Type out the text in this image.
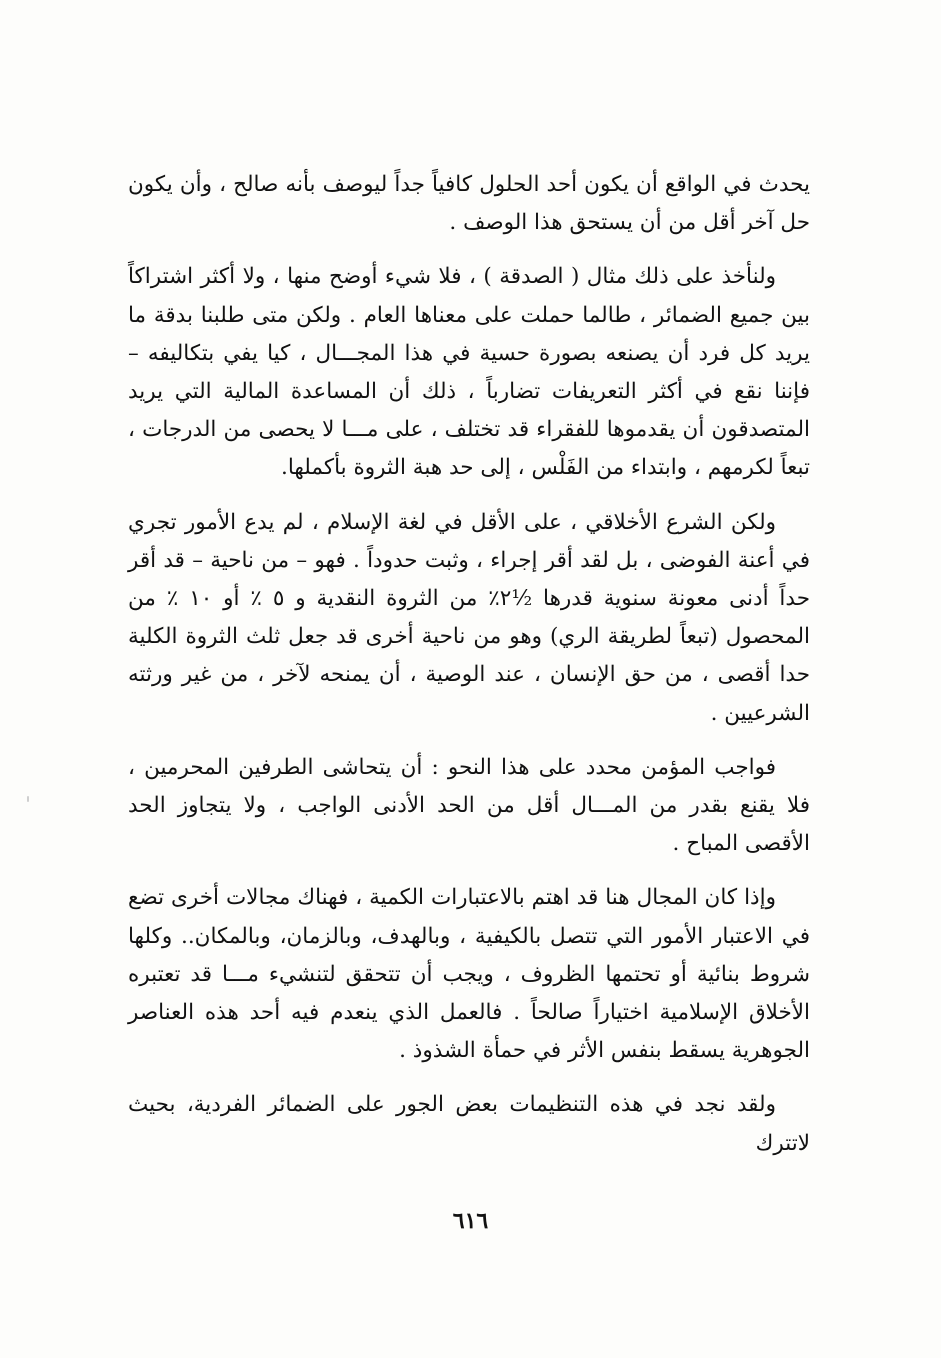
يحدث في الواقع أن يكون أحد الحلول كافياً جداً ليوصف بأنه صالح ، وأن يكون حل آخر أقل من أن يستحق هذا الوصف .

ولنأخذ على ذلك مثال ( الصدقة ) ، فلا شيء أوضح منها ، ولا أكثر اشتراكاً بين جميع الضمائر ، طالما حملت على معناها العام . ولكن متى طلبنا بدقة ما يريد كل فرد أن يصنعه بصورة حسية في هذا المجـــال ، كيا يفي بتكاليفه – فإننا نقع في أكثر التعريفات تضارباً ، ذلك أن المساعدة المالية التي يريد المتصدقون أن يقدموها للفقراء قد تختلف ، على مـــا لا يحصى من الدرجات ، تبعاً لكرمهم ، وابتداء من الفَلْس ، إلى حد هبة الثروة بأكملها.

ولكن الشرع الأخلاقي ، على الأقل في لغة الإسلام ، لم يدع الأمور تجري في أعنة الفوضى ، بل لقد أقر إجراء ، وثبت حدوداً . فهو – من ناحية – قد أقر حداً أدنى معونة سنوية قدرها ½٢٪ من الثروة النقدية و ٥ ٪ أو ١٠ ٪ من المحصول (تبعاً لطريقة الري) وهو من ناحية أخرى قد جعل ثلث الثروة الكلية حدا أقصى ، من حق الإنسان ، عند الوصية ، أن يمنحه لآخر ، من غير ورثته الشرعيين .

فواجب المؤمن محدد على هذا النحو : أن يتحاشى الطرفين المحرمين ، فلا يقنع بقدر من المـــال أقل من الحد الأدنى الواجب ، ولا يتجاوز الحد الأقصى المباح .

وإذا كان المجال هنا قد اهتم بالاعتبارات الكمية ، فهناك مجالات أخرى تضع في الاعتبار الأمور التي تتصل بالكيفية ، وبالهدف، وبالزمان، وبالمكان.. وكلها شروط بنائية أو تحتمها الظروف ، ويجب أن تتحقق لتنشيء مـــا قد تعتبره الأخلاق الإسلامية اختياراً صالحاً . فالعمل الذي ينعدم فيه أحد هذه العناصر الجوهرية يسقط بنفس الأثر في حمأة الشذوذ .

ولقد نجد في هذه التنظيمات بعض الجور على الضمائر الفردية، بحيث لاتترك

٦١٦
